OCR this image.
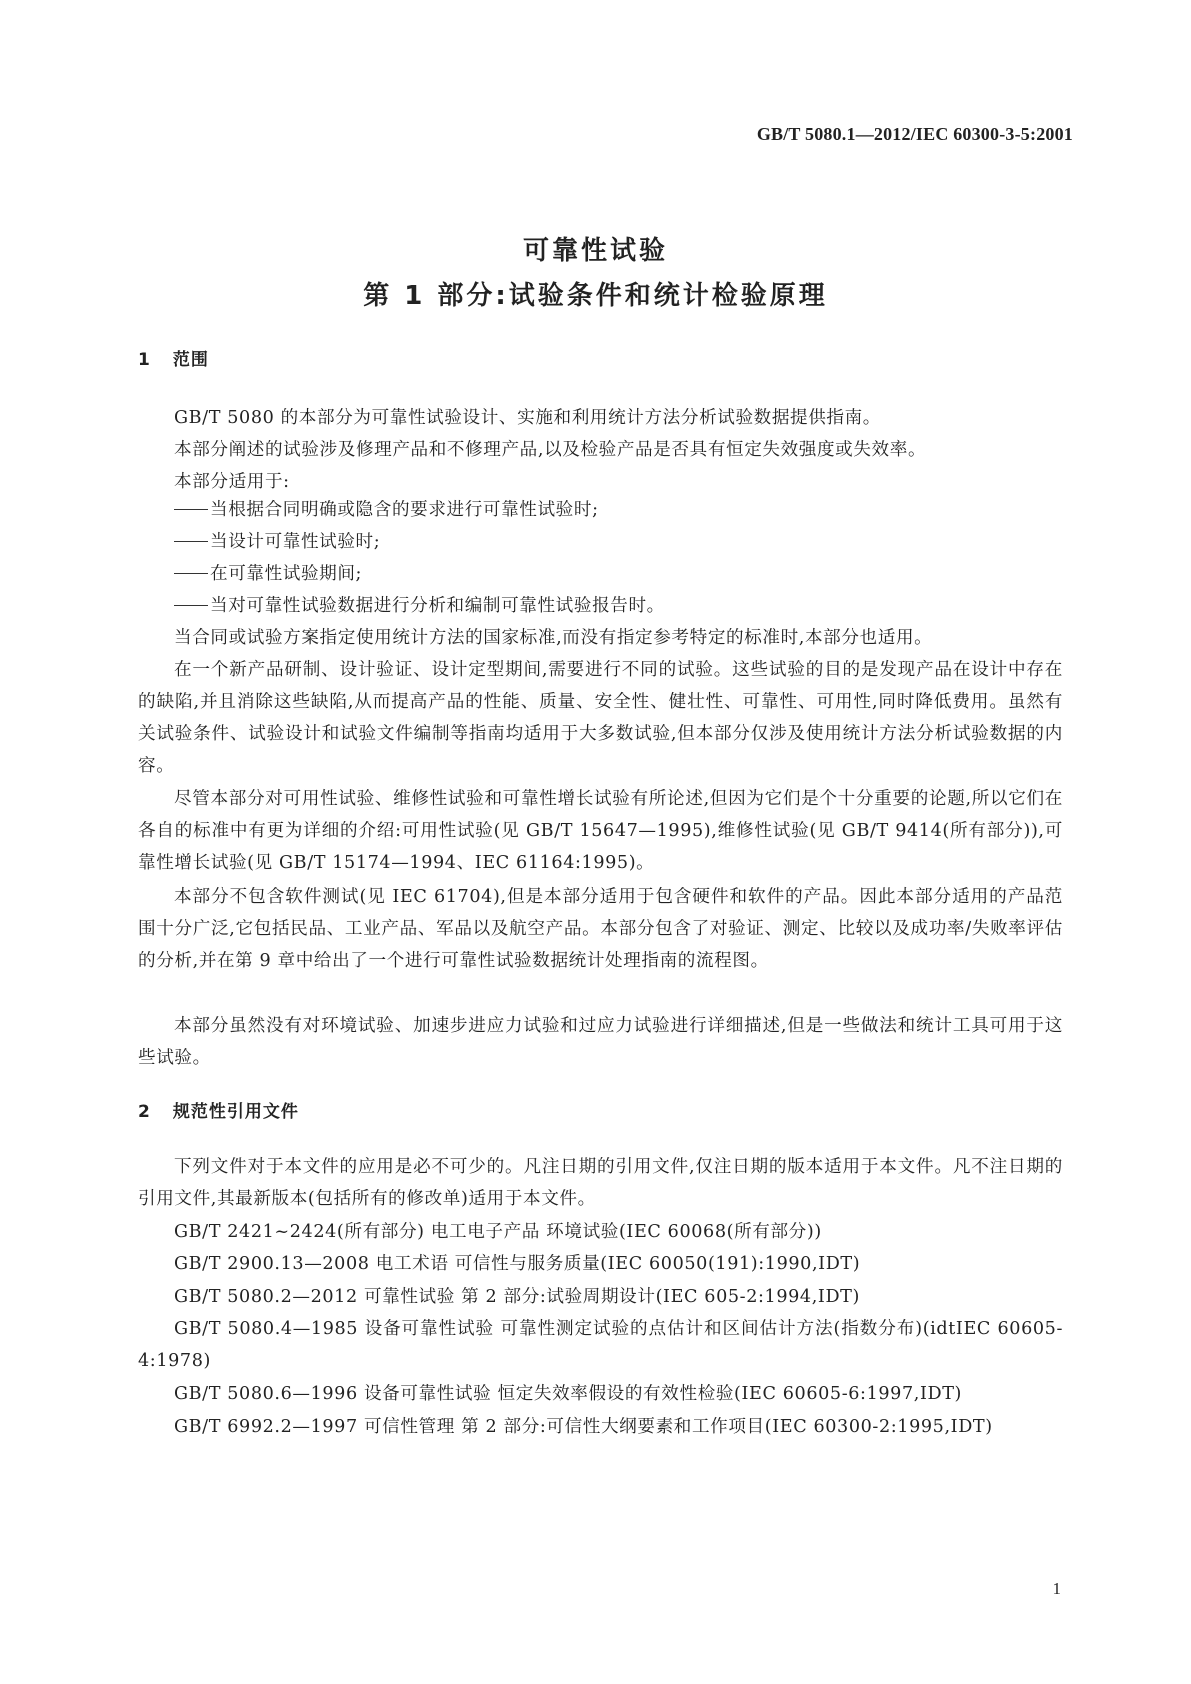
GB/T 5080.1—2012/IEC 60300-3-5:2001
可靠性试验
第 1 部分:试验条件和统计检验原理
1 范围

GB/T 5080 的本部分为可靠性试验设计、实施和利用统计方法分析试验数据提供指南。

本部分阐述的试验涉及修理产品和不修理产品,以及检验产品是否具有恒定失效强度或失效率。

本部分适用于:

当根据合同明确或隐含的要求进行可靠性试验时;

当设计可靠性试验时;

在可靠性试验期间;

当对可靠性试验数据进行分析和编制可靠性试验报告时。

当合同或试验方案指定使用统计方法的国家标准,而没有指定参考特定的标准时,本部分也适用。

在一个新产品研制、设计验证、设计定型期间,需要进行不同的试验。这些试验的目的是发现产品在设计中存在的缺陷,并且消除这些缺陷,从而提高产品的性能、质量、安全性、健壮性、可靠性、可用性,同时降低费用。虽然有关试验条件、试验设计和试验文件编制等指南均适用于大多数试验,但本部分仅涉及使用统计方法分析试验数据的内容。

尽管本部分对可用性试验、维修性试验和可靠性增长试验有所论述,但因为它们是个十分重要的论题,所以它们在各自的标准中有更为详细的介绍:可用性试验(见 GB/T 15647—1995),维修性试验(见 GB/T 9414(所有部分)),可靠性增长试验(见 GB/T 15174—1994、IEC 61164:1995)。

本部分不包含软件测试(见 IEC 61704),但是本部分适用于包含硬件和软件的产品。因此本部分适用的产品范围十分广泛,它包括民品、工业产品、军品以及航空产品。本部分包含了对验证、测定、比较以及成功率/失败率评估的分析,并在第 9 章中给出了一个进行可靠性试验数据统计处理指南的流程图。

本部分虽然没有对环境试验、加速步进应力试验和过应力试验进行详细描述,但是一些做法和统计工具可用于这些试验。

2 规范性引用文件

下列文件对于本文件的应用是必不可少的。凡注日期的引用文件,仅注日期的版本适用于本文件。凡不注日期的引用文件,其最新版本(包括所有的修改单)适用于本文件。

GB/T 2421~2424(所有部分) 电工电子产品 环境试验(IEC 60068(所有部分))

GB/T 2900.13—2008 电工术语 可信性与服务质量(IEC 60050(191):1990,IDT)

GB/T 5080.2—2012 可靠性试验 第 2 部分:试验周期设计(IEC 605-2:1994,IDT)

GB/T 5080.4—1985 设备可靠性试验 可靠性测定试验的点估计和区间估计方法(指数分布)(idtIEC 60605-4:1978)

GB/T 5080.6—1996 设备可靠性试验 恒定失效率假设的有效性检验(IEC 60605-6:1997,IDT)

GB/T 6992.2—1997 可信性管理 第 2 部分:可信性大纲要素和工作项目(IEC 60300-2:1995,IDT)

1
